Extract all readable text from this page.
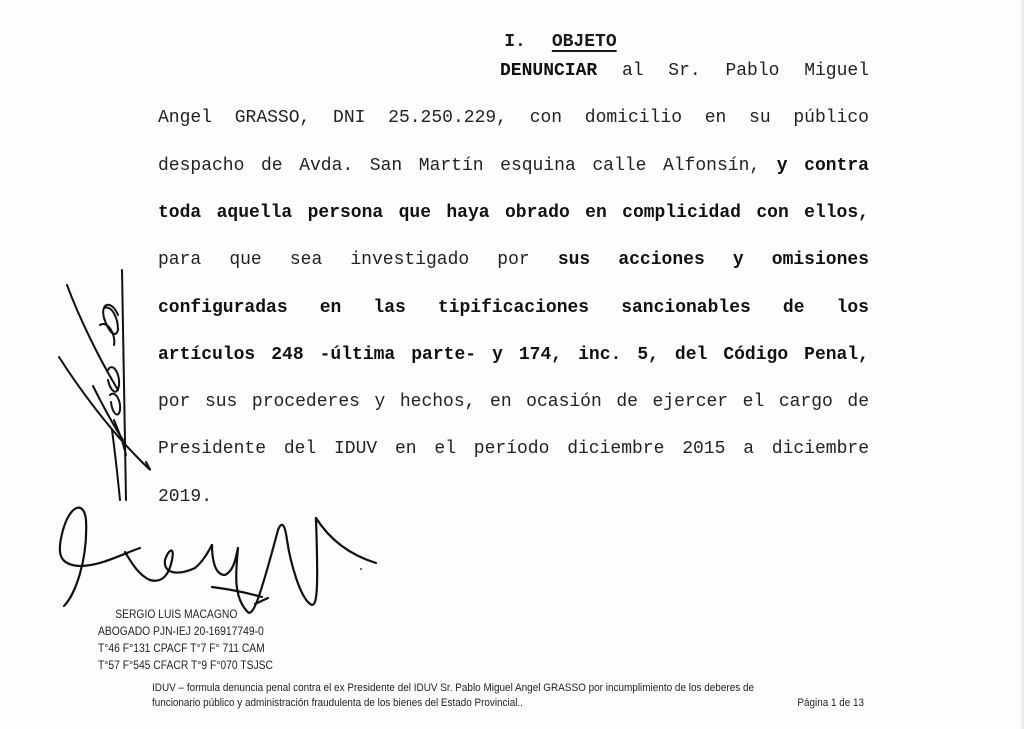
I. OBJETO

DENUNCIAR al Sr. Pablo Miguel
Angel GRASSO, DNI 25.250.229, con domicilio en su público
despacho de Avda. San Martín esquina calle Alfonsín, y contra
toda aquella persona que haya obrado en complicidad con ellos,
para que sea investigado por sus acciones y omisiones
configuradas en las tipificaciones sancionables de los
artículos 248 -última parte- y 174, inc. 5, del Código Penal,
por sus procederes y hechos, en ocasión de ejercer el cargo de
Presidente del IDUV en el período diciembre 2015 a diciembre
2019.
SERGIO LUIS MACAGNO
ABOGADO PJN-IEJ 20-16917749-0
T°46 F°131 CPACF T°7 F° 711 CAM
T°57 F°545 CFACR T°9 F°070 TSJSC
IDUV – formula denuncia penal contra el ex Presidente del IDUV Sr. Pablo Miguel Angel GRASSO por incumplimiento de los deberes de
funcionario público y administración fraudulenta de los bienes del Estado Provincial..	Página 1 de 13
